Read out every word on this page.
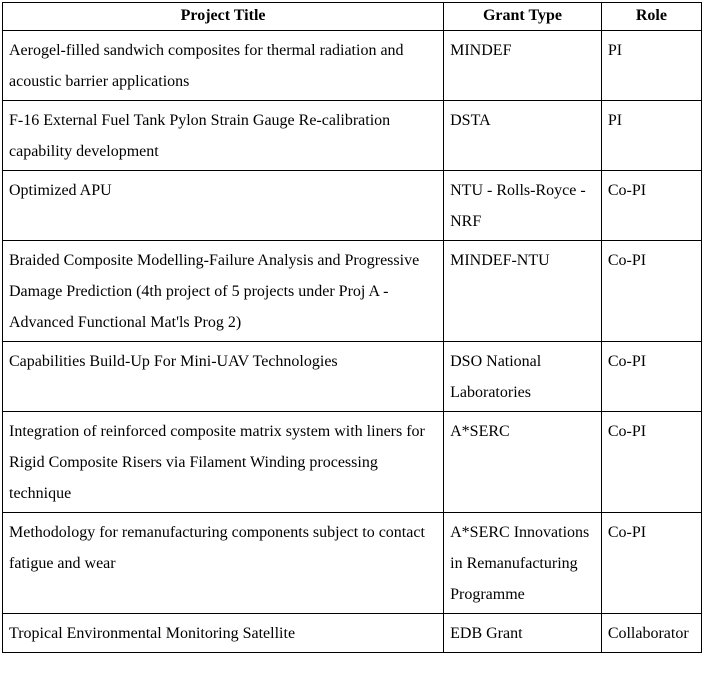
Project Title	Grant Type	Role
Aerogel-filled sandwich composites for thermal radiation and acoustic barrier applications	MINDEF	PI
F-16 External Fuel Tank Pylon Strain Gauge Re-calibration capability development	DSTA	PI
Optimized APU	NTU - Rolls-Royce - NRF	Co-PI
Braided Composite Modelling-Failure Analysis and Progressive Damage Prediction (4th project of 5 projects under Proj A - Advanced Functional Mat'ls Prog 2)	MINDEF-NTU	Co-PI
Capabilities Build-Up For Mini-UAV Technologies	DSO National Laboratories	Co-PI
Integration of reinforced composite matrix system with liners for Rigid Composite Risers via Filament Winding processing technique	A*SERC	Co-PI
Methodology for remanufacturing components subject to contact fatigue and wear	A*SERC Innovations in Remanufacturing Programme	Co-PI
Tropical Environmental Monitoring Satellite	EDB Grant	Collaborator
